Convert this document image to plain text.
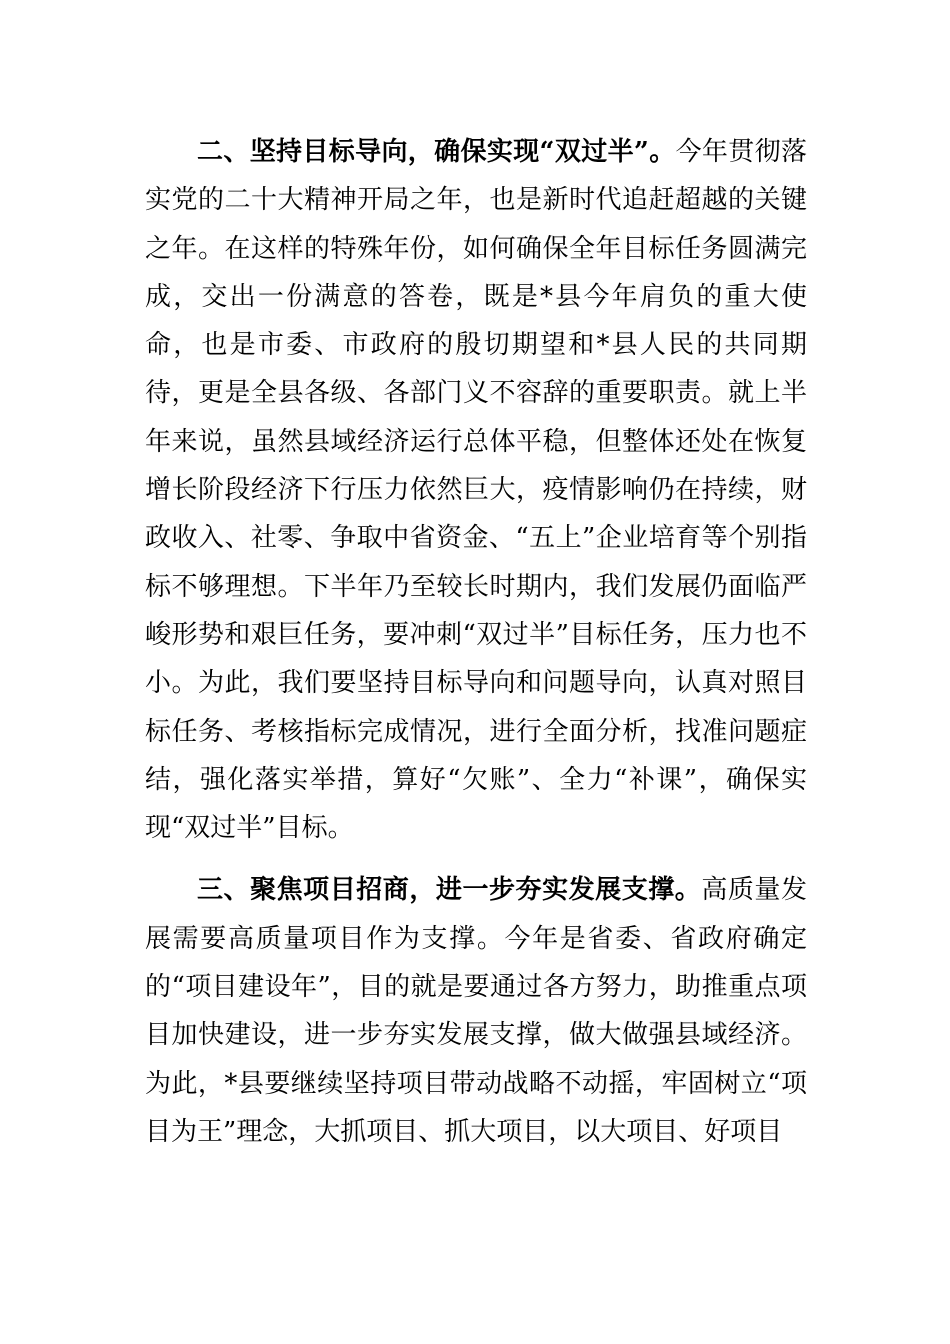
二、坚持目标导向，确保实现“双过半”。今年贯彻落实党的二十大精神开局之年，也是新时代追赶超越的关键之年。在这样的特殊年份，如何确保全年目标任务圆满完成，交出一份满意的答卷，既是*县今年肩负的重大使命，也是市委、市政府的殷切期望和*县人民的共同期待，更是全县各级、各部门义不容辞的重要职责。就上半年来说，虽然县域经济运行总体平稳，但整体还处在恢复增长阶段经济下行压力依然巨大，疫情影响仍在持续，财政收入、社零、争取中省资金、“五上”企业培育等个别指标不够理想。下半年乃至较长时期内，我们发展仍面临严峻形势和艰巨任务，要冲刺“双过半”目标任务，压力也不小。为此，我们要坚持目标导向和问题导向，认真对照目标任务、考核指标完成情况，进行全面分析，找准问题症结，强化落实举措，算好“欠账”、全力“补课”，确保实现“双过半”目标。

三、聚焦项目招商，进一步夯实发展支撑。高质量发展需要高质量项目作为支撑。今年是省委、省政府确定的“项目建设年”，目的就是要通过各方努力，助推重点项目加快建设，进一步夯实发展支撑，做大做强县域经济。为此，*县要继续坚持项目带动战略不动摇，牢固树立“项目为王”理念，大抓项目、抓大项目，以大项目、好项目
